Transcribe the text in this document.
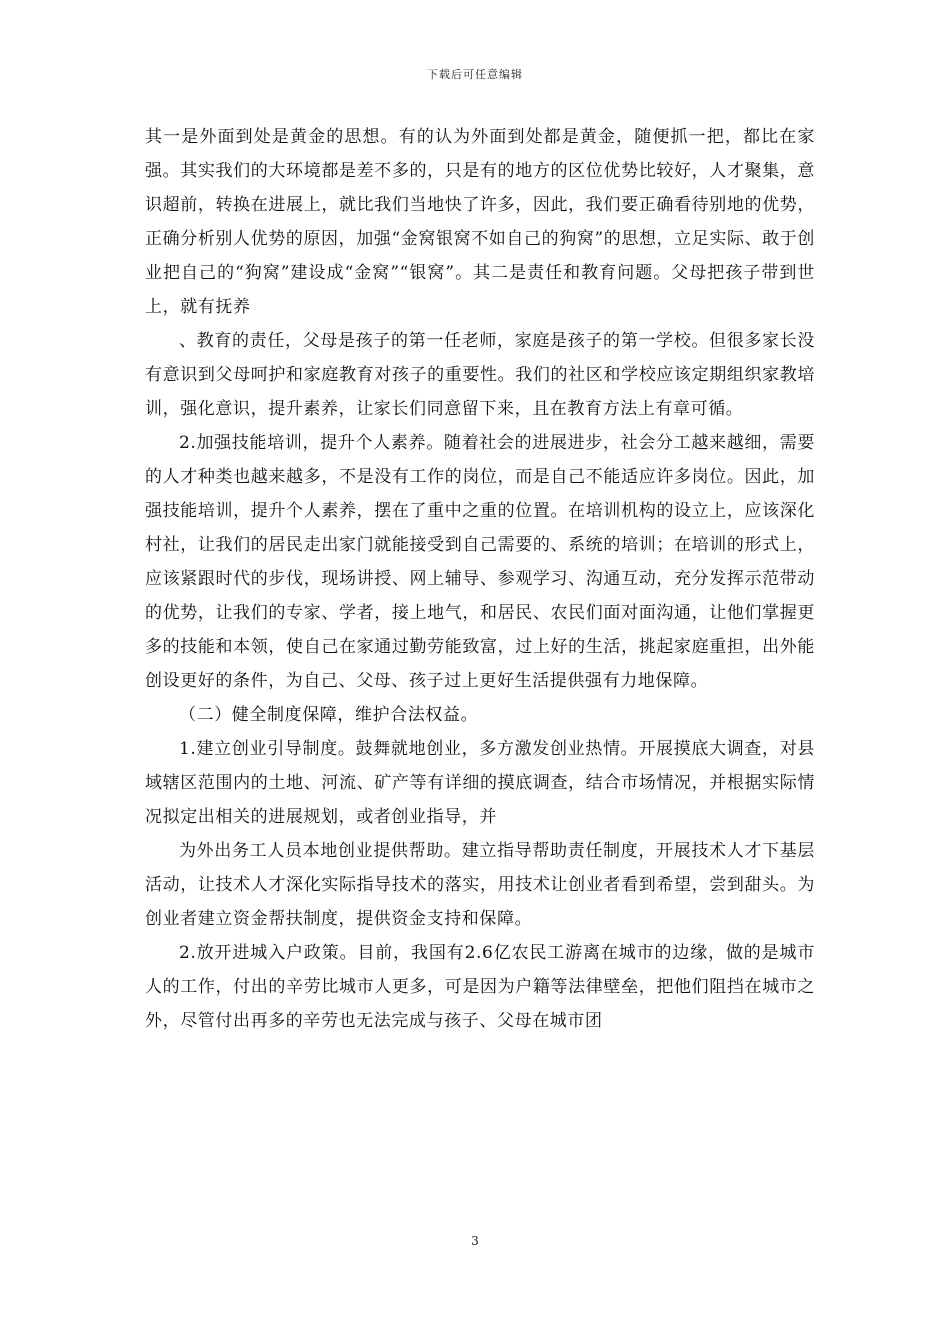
下载后可任意编辑

其一是外面到处是黄金的思想。有的认为外面到处都是黄金，随便抓一把，都比在家强。其实我们的大环境都是差不多的，只是有的地方的区位优势比较好，人才聚集，意识超前，转换在进展上，就比我们当地快了许多，因此，我们要正确看待别地的优势，正确分析别人优势的原因，加强“金窝银窝不如自己的狗窝”的思想，立足实际、敢于创业把自己的“狗窝”建设成“金窝”“银窝”。其二是责任和教育问题。父母把孩子带到世上，就有抚养

、教育的责任，父母是孩子的第一任老师，家庭是孩子的第一学校。但很多家长没有意识到父母呵护和家庭教育对孩子的重要性。我们的社区和学校应该定期组织家教培训，强化意识，提升素养，让家长们同意留下来，且在教育方法上有章可循。

2.加强技能培训，提升个人素养。随着社会的进展进步，社会分工越来越细，需要的人才种类也越来越多，不是没有工作的岗位，而是自己不能适应许多岗位。因此，加强技能培训，提升个人素养，摆在了重中之重的位置。在培训机构的设立上，应该深化村社，让我们的居民走出家门就能接受到自己需要的、系统的培训；在培训的形式上，应该紧跟时代的步伐，现场讲授、网上辅导、参观学习、沟通互动，充分发挥示范带动的优势，让我们的专家、学者，接上地气，和居民、农民们面对面沟通，让他们掌握更多的技能和本领，使自己在家通过勤劳能致富，过上好的生活，挑起家庭重担，出外能创设更好的条件，为自己、父母、孩子过上更好生活提供强有力地保障。

（二）健全制度保障，维护合法权益。

1.建立创业引导制度。鼓舞就地创业，多方激发创业热情。开展摸底大调查，对县域辖区范围内的土地、河流、矿产等有详细的摸底调查，结合市场情况，并根据实际情况拟定出相关的进展规划，或者创业指导，并

为外出务工人员本地创业提供帮助。建立指导帮助责任制度，开展技术人才下基层活动，让技术人才深化实际指导技术的落实，用技术让创业者看到希望，尝到甜头。为创业者建立资金帮扶制度，提供资金支持和保障。

2.放开进城入户政策。目前，我国有2.6亿农民工游离在城市的边缘，做的是城市人的工作，付出的辛劳比城市人更多，可是因为户籍等法律壁垒，把他们阻挡在城市之外，尽管付出再多的辛劳也无法完成与孩子、父母在城市团

3
